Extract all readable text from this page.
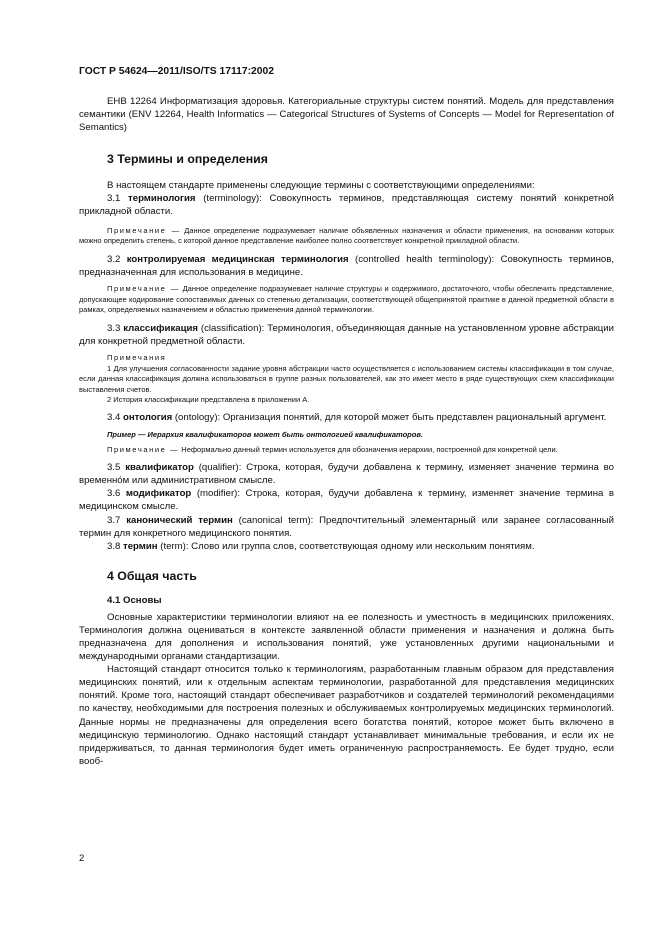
ГОСТ Р 54624—2011/ISO/TS 17117:2002

ЕНВ 12264 Информатизация здоровья. Категориальные структуры систем понятий. Модель для представления семантики (ENV 12264, Health Informatics — Categorical Structures of Systems of Concepts — Model for Representation of Semantics)

3 Термины и определения

В настоящем стандарте применены следующие термины с соответствующими определениями:

3.1 терминология (terminology): Совокупность терминов, представляющая систему понятий конкретной прикладной области.

Примечание — Данное определение подразумевает наличие объявленных назначения и области применения, на основании которых можно определить степень, с которой данное представление наиболее полно соответствует конкретной прикладной области.

3.2 контролируемая медицинская терминология (controlled health terminology): Совокупность терминов, предназначенная для использования в медицине.

Примечание — Данное определение подразумевает наличие структуры и содержимого, достаточного, чтобы обеспечить представление, допускающее кодирование сопоставимых данных со степенью детализации, соответствующей общепринятой практике в данной предметной области в рамках, определяемых назначением и областью применения данной терминологии.

3.3 классификация (classification): Терминология, объединяющая данные на установленном уровне абстракции для конкретной предметной области.

Примечания

1 Для улучшения согласованности задание уровня абстракции часто осуществляется с использованием системы классификации в том случае, если данная классификация должна использоваться в группе разных пользователей, как это имеет место в ряде существующих схем классификации выставления счетов.

2 История классификации представлена в приложении А.

3.4 онтология (ontology): Организация понятий, для которой может быть представлен рациональный аргумент.

Пример — Иерархия квалификаторов может быть онтологией квалификаторов.

Примечание — Неформально данный термин используется для обозначения иерархии, построенной для конкретной цели.

3.5 квалификатор (qualifier): Строка, которая, будучи добавлена к термину, изменяет значение термина во временно́м или административном смысле.

3.6 модификатор (modifier): Строка, которая, будучи добавлена к термину, изменяет значение термина в медицинском смысле.

3.7 канонический термин (canonical term): Предпочтительный элементарный или заранее согласованный термин для конкретного медицинского понятия.

3.8 термин (term): Слово или группа слов, соответствующая одному или нескольким понятиям.

4 Общая часть
4.1 Основы

Основные характеристики терминологии влияют на ее полезность и уместность в медицинских приложениях. Терминология должна оцениваться в контексте заявленной области применения и назначения и должна быть предназначена для дополнения и использования понятий, уже установленных другими национальными и международными органами стандартизации.

Настоящий стандарт относится только к терминологиям, разработанным главным образом для представления медицинских понятий, или к отдельным аспектам терминологии, разработанной для представления медицинских понятий. Кроме того, настоящий стандарт обеспечивает разработчиков и создателей терминологий рекомендациями по качеству, необходимыми для построения полезных и обслуживаемых контролируемых медицинских терминологий. Данные нормы не предназначены для определения всего богатства понятий, которое может быть включено в медицинскую терминологию. Однако настоящий стандарт устанавливает минимальные требования, и если их не придерживаться, то данная терминология будет иметь ограниченную распространяемость. Ее будет трудно, если вооб-

2
